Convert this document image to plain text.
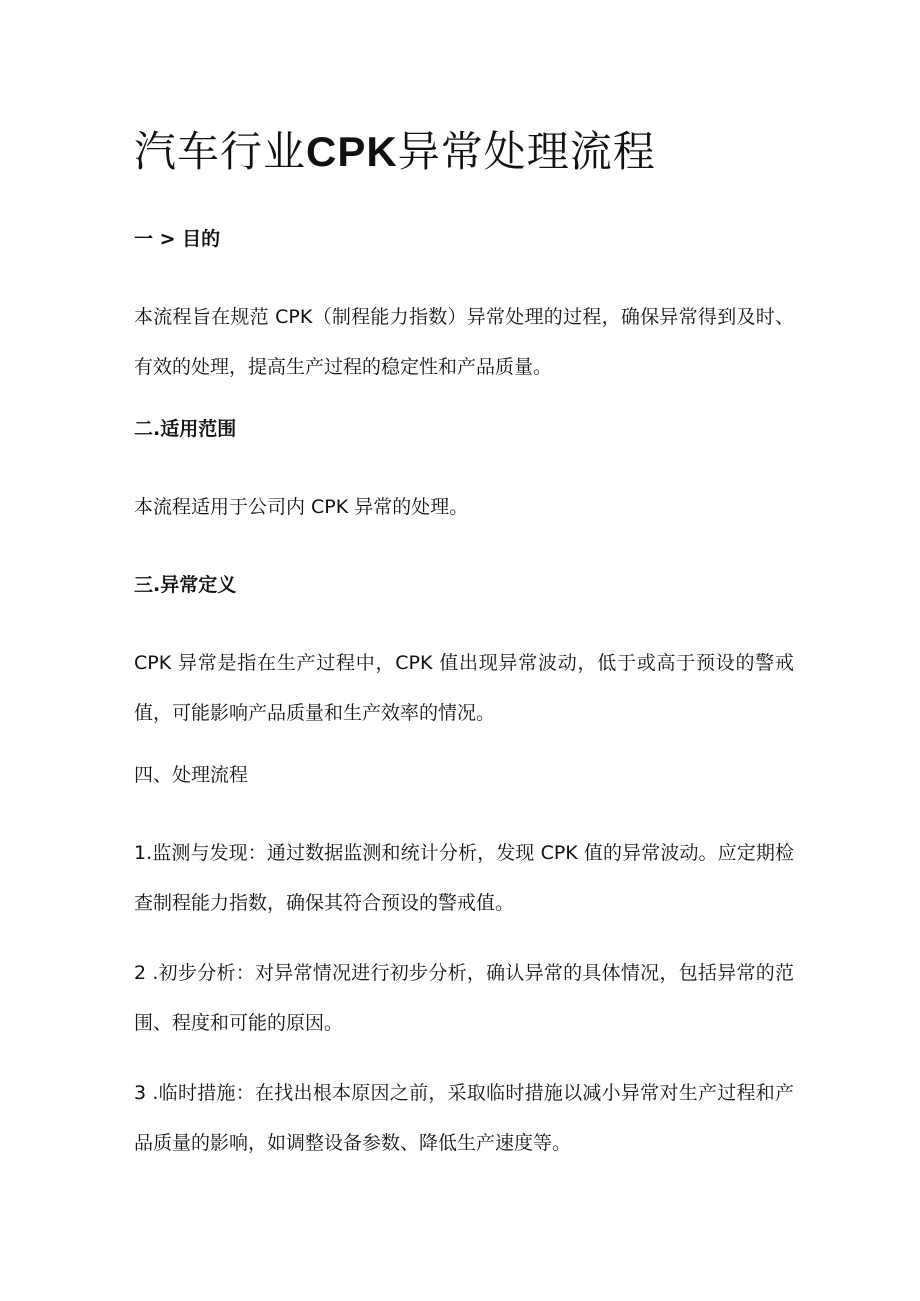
汽车行业CPK异常处理流程
一 > 目的
本流程旨在规范 CPK（制程能力指数）异常处理的过程，确保异常得到及时、有效的处理，提高生产过程的稳定性和产品质量。
二.适用范围
本流程适用于公司内 CPK 异常的处理。
三.异常定义
CPK 异常是指在生产过程中，CPK 值出现异常波动，低于或高于预设的警戒值，可能影响产品质量和生产效率的情况。
四、处理流程
1.监测与发现：通过数据监测和统计分析，发现 CPK 值的异常波动。应定期检查制程能力指数，确保其符合预设的警戒值。
2 .初步分析：对异常情况进行初步分析，确认异常的具体情况，包括异常的范围、程度和可能的原因。
3 .临时措施：在找出根本原因之前，采取临时措施以减小异常对生产过程和产品质量的影响，如调整设备参数、降低生产速度等。
